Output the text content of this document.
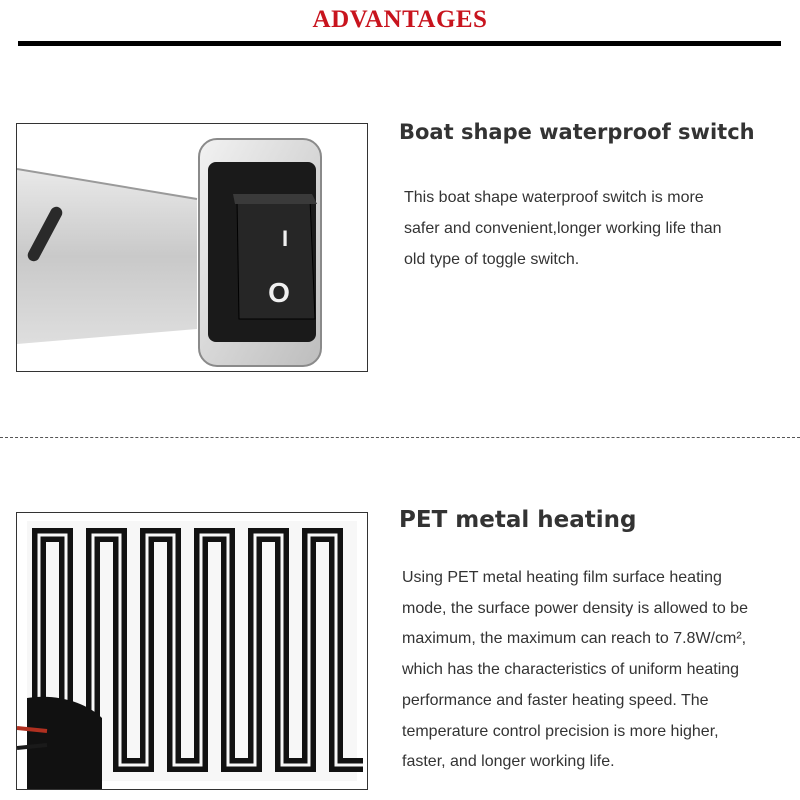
ADVANTAGES
I
O
Boat shape waterproof switch
This boat shape waterproof switch is more
safer and convenient,longer working life than
old type of toggle switch.
PET metal heating
Using PET metal heating film surface heating
mode, the surface power density is allowed to be
maximum, the maximum can reach to 7.8W/cm²,
which has the characteristics of uniform heating
performance and faster heating speed. The
temperature control precision is more higher,
faster, and longer working life.
